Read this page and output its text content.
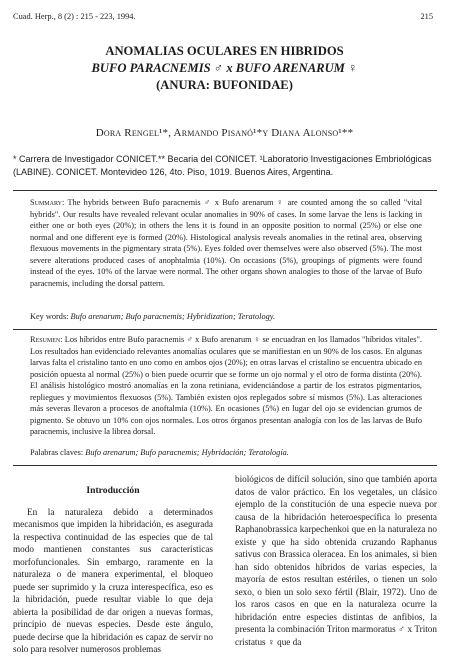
Cuad. Herp., 8 (2) : 215 - 223, 1994.	215
ANOMALIAS OCULARES EN HIBRIDOS
BUFO PARACNEMIS ♂ x BUFO ARENARUM ♀
(ANURA: BUFONIDAE)
Dora Rengel¹*, Armando Pisanó¹*y Diana Alonso¹**
* Carrera de Investigador CONICET.** Becaria del CONICET. ¹Laboratorio Investigaciones Embriológicas (LABINE). CONICET. Montevideo 126, 4to. Piso, 1019. Buenos Aires, Argentina.
Summary: The hybrids between Bufo paracnemis ♂ x Bufo arenarum ♀ are counted among the so called "vital hybrids". Our results have revealed relevant ocular anomalies in 90% of cases. In some larvae the lens is lacking in either one or both eyes (20%); in others the lens it is found in an opposite position to normal (25%) or else one normal and one different eye is formed (20%). Histological analysis reveals anomalies in the retinal area, observing flexuous movements in the pigmentary strata (5%). Eyes folded over themselves were also observed (5%). The most severe alterations produced cases of anophtalmia (10%). On occasions (5%), groupings of pigments were found instead of the eyes. 10% of the larvae were normal. The other organs shown analogies to those of the larvae of Bufo paracnemis, including the dorsal pattern.
Key words: Bufo arenarum; Bufo paracnemis; Hybridization; Teratology.
Resumen: Los híbridos entre Bufo paracnemis ♂ x Bufo arenarum ♀ se encuadran en los llamados "híbridos vitales". Los resultados han evidenciado relevantes anomalías oculares que se manifiestan en un 90% de los casos. En algunas larvas falta el cristalino tanto en uno como en ambos ojos (20%); en otras larvas el cristalino se encuentra ubicado en posición opuesta al normal (25%) o bien puede ocurrir que se forme un ojo normal y el otro de forma distinta (20%). El análisis histológico mostró anomalías en la zona retiniana, evidenciándose a partir de los estratos pigmentarios, repliegues y movimientos flexuosos (5%). También existen ojos replegados sobre sí mismos (5%). Las alteraciones más severas llevaron a procesos de anoftalmia (10%). En ocasiones (5%) en lugar del ojo se evidencian grumos de pigmento. Se obtuvo un 10% con ojos normales. Los otros órganos presentan analogía con los de las larvas de Bufo paracnemis, inclusive la librea dorsal.
Palabras claves: Bufo arenarum; Bufo paracnemis; Hybridación; Teratología.
Introducción

En la naturaleza debido a determinados mecanismos que impiden la hibridación, es asegurada la respectiva continuidad de las especies que de tal modo mantienen constantes sus características morfofuncionales. Sin embargo, raramente en la naturaleza o de manera experimental, el bloqueo puede ser suprimido y la cruza interespecífica, eso es la hibridación, puede resultar viable lo que deja abierta la posibilidad de dar origen a nuevas formas, principio de nuevas especies. Desde este ángulo, puede decirse que la hibridación es capaz de servir no solo para resolver numerosos problemas

biológicos de difícil solución, sino que también aporta datos de valor práctico. En los vegetales, un clásico ejemplo de la constitución de una especie nueva por causa de la hibridación heteroespecífica lo presenta Raphanobrassica karpechenkoi que en la naturaleza no existe y que ha sido obtenida cruzando Raphanus sativus con Brassica oleracea. En los animales, si bien han sido obtenidos híbridos de varias especies, la mayoría de estos resultan estériles, o tienen un solo sexo, o bien un solo sexo fértil (Blair, 1972). Uno de los raros casos en que en la naturaleza ocurre la hibridación entre especies distintas de anfibios, la presenta la combinación Triton marmoratus ♂ x Triton cristatus ♀ que da
